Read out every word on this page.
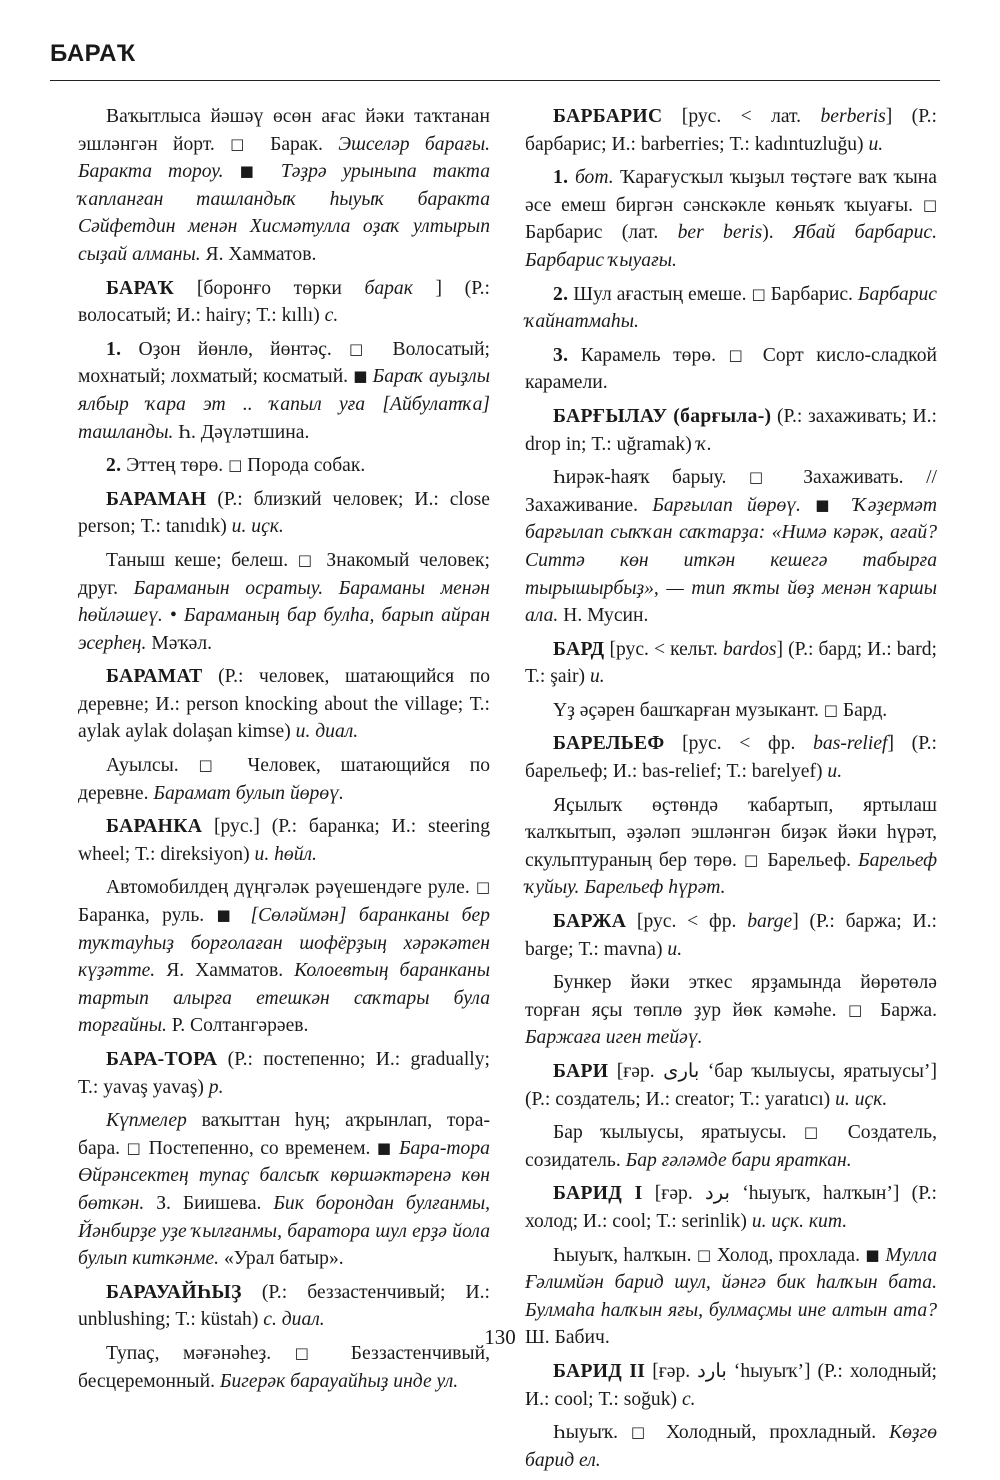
БАРАҠ

Ваҡытлыса йәшәү өсөн ағас йәки таҡтанан эшләнгән йорт. □ Барак. Эшселәр барағы. Баракта тороу. ■ Тәҙрә урыныna такта ҡапланған ташландыҡ һыуыҡ баракта Сәйфетдин менән Хисмәтулла оҙаҡ ултырып сыҙай алманы. Я. Хамматов.

БАРАҠ [боронғо төрки барак ] (Р.: волосатый; И.: hairy; Т.: kıllı) с.

1. Оҙон йөнлө, йөнтәҫ. □ Волосатый; мохнатый; лохматый; косматый. ■ Бараҡ ауыҙлы ялбыр ҡара эт .. ҡапыл уға [Айбулатҡа] ташланды. Һ. Дәүләтшина.

2. Эттең төрө. □ Порода собак.

БАРАМАН (Р.: близкий человек; И.: close person; Т.: tanıdık) и. иҫк.

Таныш кеше; белеш. □ Знакомый человек; друг. Бараманын осратыу. Бараманы менән һөйләшеү. • Бараманың бар булһа, барып айран эсерһең. Мәҡәл.

БАРАМАТ (Р.: человек, шатающийся по деревне; И.: person knocking about the village; Т.: aylak aylak dolaşan kimse) и. диал.

Ауылсы. □ Человек, шатающийся по деревне. Барамат булып йөрөү.

БАРАНКА [рус.] (Р.: баранка; И.: steering wheel; Т.: direksiyon) и. һөйл.

Автомобилдең дүңгәләк рәүешендәге руле. □ Баранка, руль. ■ [Сөләймән] баранканы бер туҡтауһыҙ борғолаған шофёрҙың хәрәкәтен күҙәтте. Я. Хамматов. Колоевтың баранканы тартып алырға етешкән саҡтары була торғайны. Р. Солтангәрәев.

БАРА-ТОРА (Р.: постепенно; И.: gradually; Т.: yavaş yavaş) р.

Күпмелер ваҡыттан һуң; аҡрынлап, тора-бара. □ Постепенно, со временем. ■ Бара-тора Өйрәнсектең тупаҫ балсыҡ көршәктәренә көн бөткән. З. Биишева. Бик борондан булғанмы, Йәнбирҙе уҙе ҡылғанмы, баратора шул ерҙә йола булып киткәнме. «Урал батыр».

БАРАУАЙҺЫҘ (Р.: беззастенчивый; И.: unblushing; Т.: küstah) с. диал.

Тупаҫ, мәғәнәһеҙ. □ Беззастенчивый, бесцеремонный. Бигерәк бараyайһыҙ инде ул.

БАРБАРИС [рус. < лат. berberis] (Р.: барбарис; И.: barberries; Т.: kadıntuzluğu) и.

1. бот. Ҡарағусҡыл ҡыҙыл төҫтәге ваҡ ҡына әсе емеш биргән сәнскәкле көньяҡ ҡыуағы. □ Барбарис (лат. ber beris). Ябай барбарис. Барбарис ҡыуағы.

2. Шул ағастың емеше. □ Барбарис. Барбарис ҡайнатмаһы.

3. Карамель төрө. □ Сорт кисло-сладкой карамели.

БАРҒЫЛАУ (барғыла-) (Р.: захаживать; И.: drop in; Т.: uğramak) ҡ.

Һирәк-һаяҡ барыу. □ Захаживать. // Захаживание. Барғылап йөрөү. ■ Ҡәҙермәт барғылап сыҡҡан саҡтарҙа: «Нимә кәрәк, ағай? Ситтә көн иткән кешегә табырға тырышырбыҙ», — тип яҡты йөҙ менән ҡаршы ала. Н. Мусин.

БАРД [рус. < кельт. bardos] (Р.: бард; И.: bard; Т.: şair) и.

Үҙ әҫәрен башҡарған музыкант. □ Бард.

БАРЕЛЬЕФ [рус. < фр. bas-relief] (Р.: барельеф; И.: bas-relief; Т.: barelyef) и.

Яҫылыҡ өҫтөндә ҡабартып, яртылаш ҡалҡытып, әҙәләп эшләнгән биҙәк йәки һүрәт, скульптураның бер төрө. □ Барельеф. Барельеф ҡуйыу. Барельеф һүрәт.

БАРЖА [рус. < фр. barge] (Р.: баржа; И.: barge; Т.: mavna) и.

Бункер йәки эткес ярҙамында йөрөтөлә торған яҫы төплө ҙур йөк кәмәһе. □ Баржа. Баржаға иген тейәү.

БАРИ [ғәр. باری ‘бар ҡылыусы, яратыусы’] (Р.: создатель; И.: creator; Т.: yaratıcı) и. иҫк.

Бар ҡылыусы, яратыусы. □ Создатель, созидатель. Бар ғәләмде бари яраткан.

БАРИД I [ғәр. برد ‘һыуыҡ, һалҡын’] (Р.: холод; И.: cool; Т.: serinlik) и. иҫк. кит.

Һыуыҡ, һалҡын. □ Холод, прохлада. ■ Мулла Ғәлимйән барид шул, йәнгә бик һалҡын бата. Булмаһа һалҡын яғы, булмаҫмы ине алтын ата? Ш. Бабич.

БАРИД II [ғәр. بارد ‘һыуыҡ’] (Р.: холодный; И.: cool; Т.: soğuk) с.

Һыуыҡ. □ Холодный, прохладный. Көҙгө барид ел.

130
